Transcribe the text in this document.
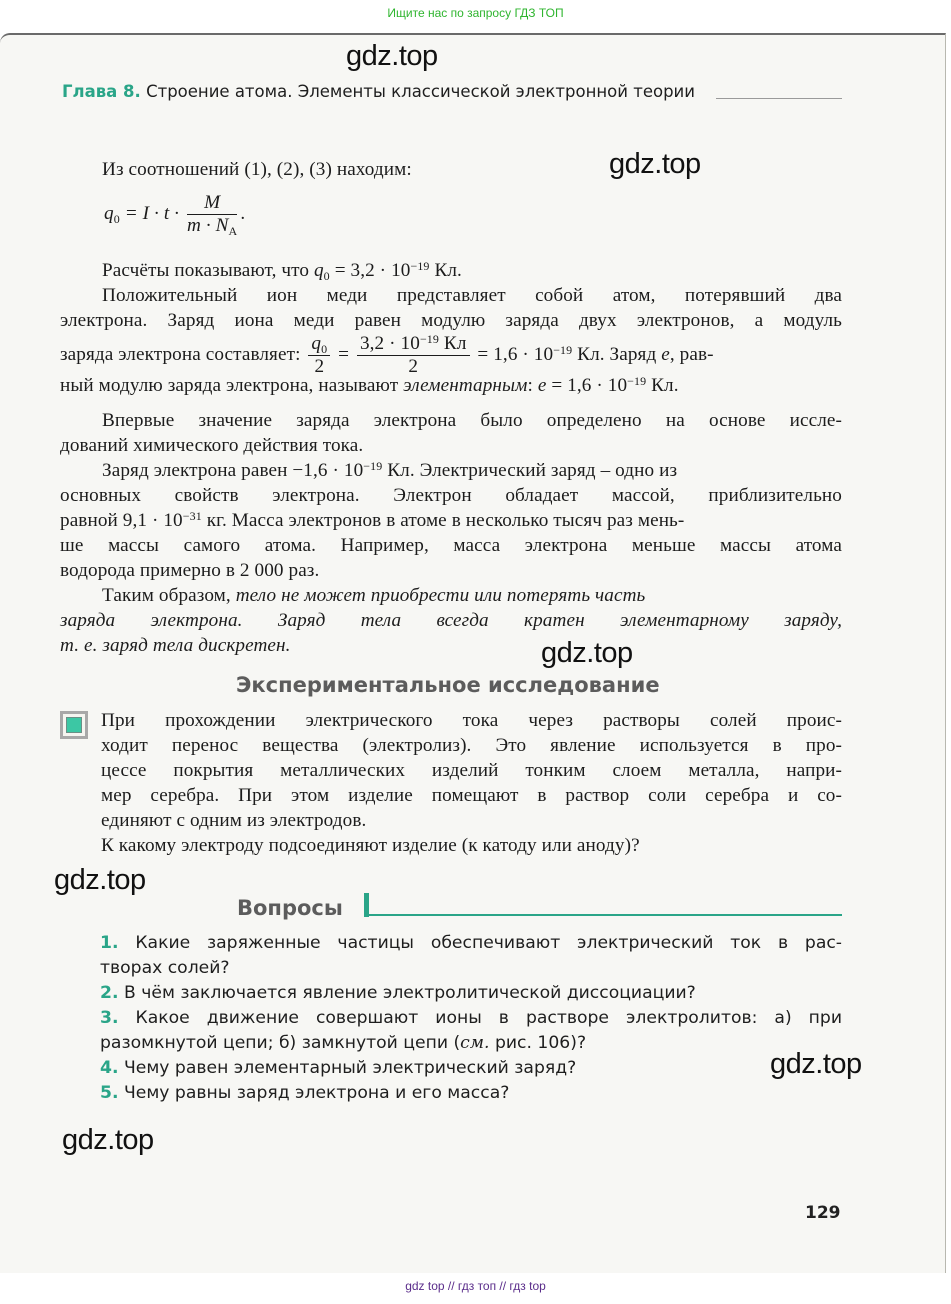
Ищите нас по запросу ГДЗ ТОП
gdz.top
gdz.top
gdz.top
gdz.top
gdz.top
gdz.top
Глава 8. Строение атома. Элементы классической электронной теории
Из соотношений (1), (2), (3) находим:
$q_0 = I \cdot t \cdot \frac{M}{m \cdot N_A}$ .
Расчёты показывают, что $q_0 = 3,2 \cdot 10^{-19}$ Кл.
Положительный ион меди представляет собой атом, потерявший два
электрона. Заряд иона меди равен модулю заряда двух электронов, а модуль
заряда электрона составляет: $\frac{q_0}{2} = \frac{3,2 \cdot 10^{-19} Кл}{2} = 1,6 \cdot 10^{-19}$ Кл. Заряд e, рав-
ный модулю заряда электрона, называют элементарным: $e = 1,6 \cdot 10^{-19}$ Кл.
Впервые значение заряда электрона было определено на основе иссле-
дований химического действия тока.
Заряд электрона равен $-1,6 \cdot 10^{-19}$ Кл. Электрический заряд – одно из
основных свойств электрона. Электрон обладает массой, приблизительно
равной $9,1 \cdot 10^{-31}$ кг. Масса электронов в атоме в несколько тысяч раз мень-
ше массы самого атома. Например, масса электрона меньше массы атома
водорода примерно в 2 000 раз.
Таким образом, тело не может приобрести или потерять часть
заряда электрона. Заряд тела всегда кратен элементарному заряду,
т. е. заряд тела дискретен.
Экспериментальное исследование
При прохождении электрического тока через растворы солей проис-
ходит перенос вещества (электролиз). Это явление используется в про-
цессе покрытия металлических изделий тонким слоем металла, напри-
мер серебра. При этом изделие помещают в раствор соли серебра и со-
единяют с одним из электродов.
К какому электроду подсоединяют изделие (к катоду или аноду)?
Вопросы
1. Какие заряженные частицы обеспечивают электрический ток в рас-
творах солей?
2. В чём заключается явление электролитической диссоциации?
3. Какое движение совершают ионы в растворе электролитов: а) при
разомкнутой цепи; б) замкнутой цепи (см. рис. 106)?
4. Чему равен элементарный электрический заряд?
5. Чему равны заряд электрона и его масса?
129
gdz top // гдз топ // гдз top
